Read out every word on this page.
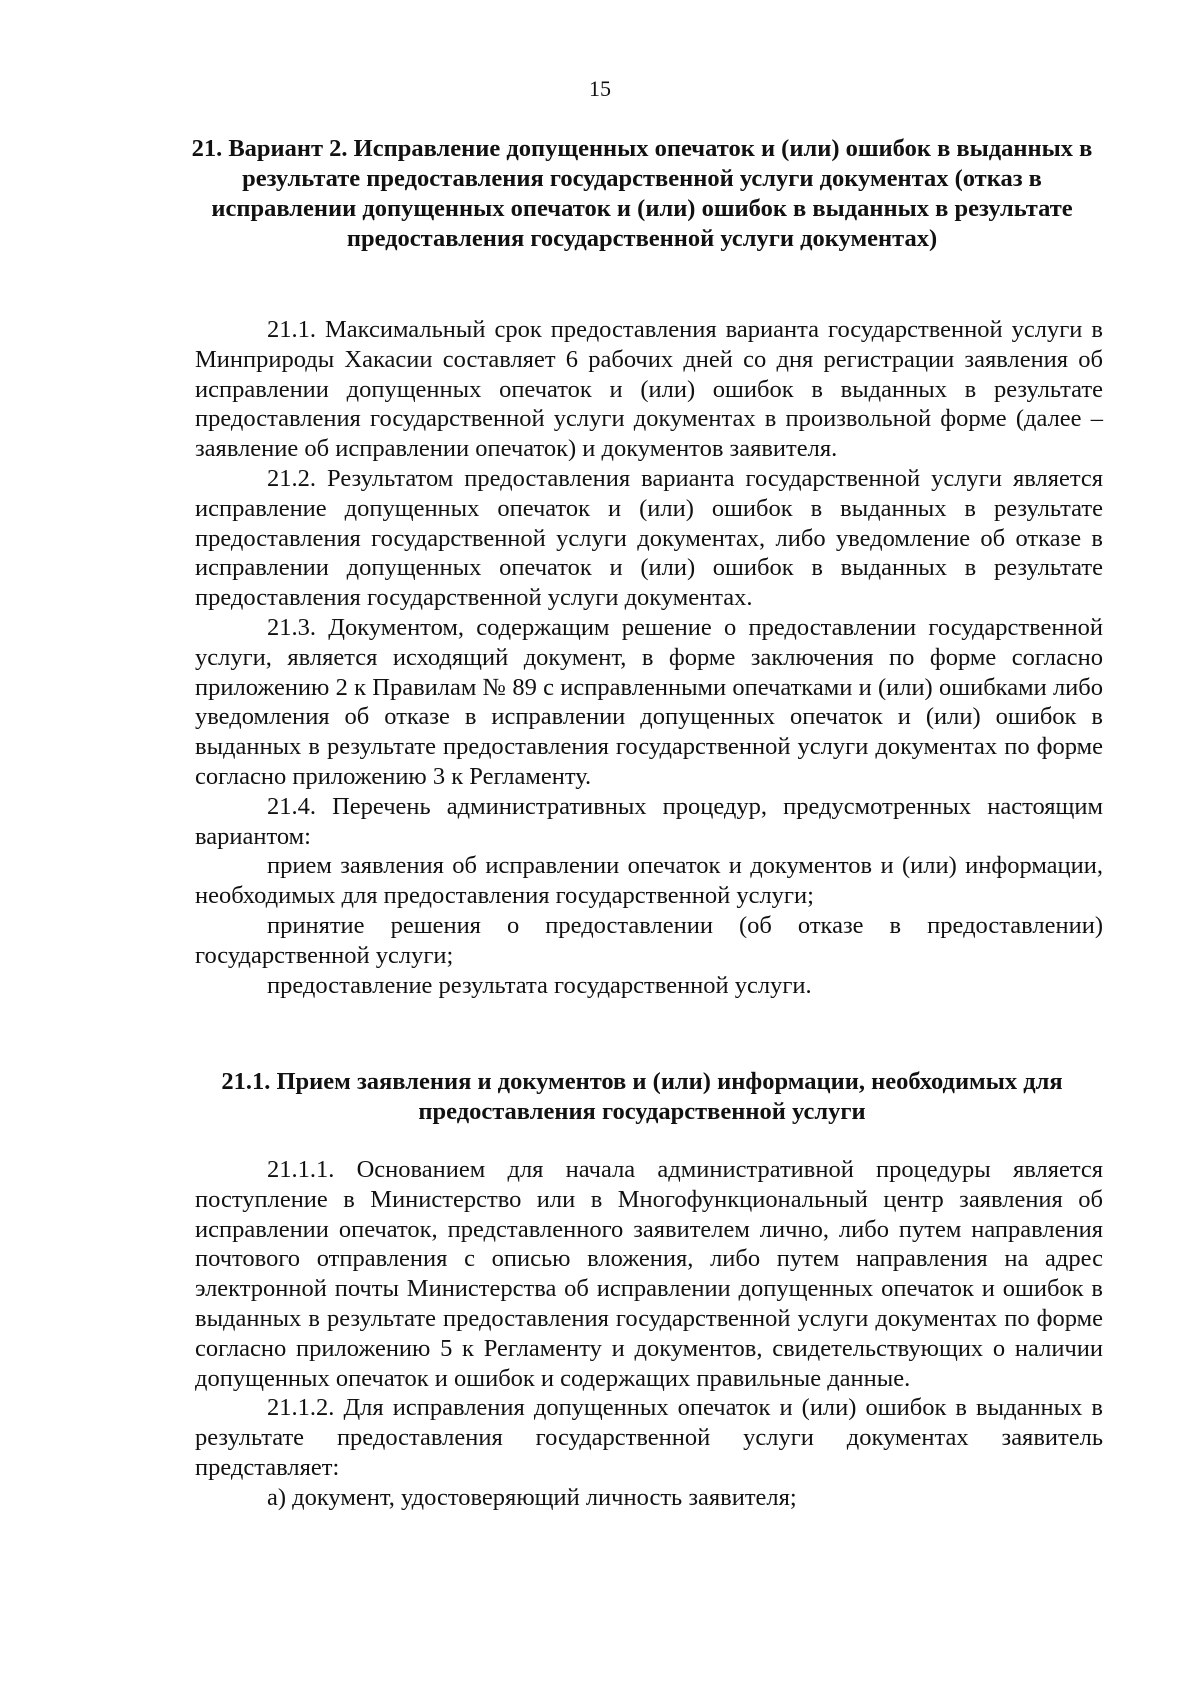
15
21. Вариант 2. Исправление допущенных опечаток и (или) ошибок в выданных в результате предоставления государственной услуги документах (отказ в исправлении допущенных опечаток и (или) ошибок в выданных в результате предоставления государственной услуги документах)

21.1. Максимальный срок предоставления варианта государственной услуги в Минприроды Хакасии составляет 6 рабочих дней со дня регистрации заявления об исправлении допущенных опечаток и (или) ошибок в выданных в результате предоставления государственной услуги документах в произвольной форме (далее – заявление об исправлении опечаток) и документов заявителя.

21.2. Результатом предоставления варианта государственной услуги является исправление допущенных опечаток и (или) ошибок в выданных в результате предоставления государственной услуги документах, либо уведомление об отказе в исправлении допущенных опечаток и (или) ошибок в выданных в результате предоставления государственной услуги документах.

21.3. Документом, содержащим решение о предоставлении государственной услуги, является исходящий документ, в форме заключения по форме согласно приложению 2 к Правилам № 89 с исправленными опечатками и (или) ошибками либо уведомления об отказе в исправлении допущенных опечаток и (или) ошибок в выданных в результате предоставления государственной услуги документах по форме согласно приложению 3 к Регламенту.

21.4. Перечень административных процедур, предусмотренных настоящим вариантом:

прием заявления об исправлении опечаток и документов и (или) информации, необходимых для предоставления государственной услуги;

принятие решения о предоставлении (об отказе в предоставлении) государственной услуги;

предоставление результата государственной услуги.

21.1. Прием заявления и документов и (или) информации, необходимых для предоставления государственной услуги

21.1.1. Основанием для начала административной процедуры является поступление в Министерство или в Многофункциональный центр заявления об исправлении опечаток, представленного заявителем лично, либо путем направления почтового отправления с описью вложения, либо путем направления на адрес электронной почты Министерства об исправлении допущенных опечаток и ошибок в выданных в результате предоставления государственной услуги документах по форме согласно приложению 5 к Регламенту и документов, свидетельствующих о наличии допущенных опечаток и ошибок и содержащих правильные данные.

21.1.2. Для исправления допущенных опечаток и (или) ошибок в выданных в результате предоставления государственной услуги документах заявитель представляет:

а) документ, удостоверяющий личность заявителя;
